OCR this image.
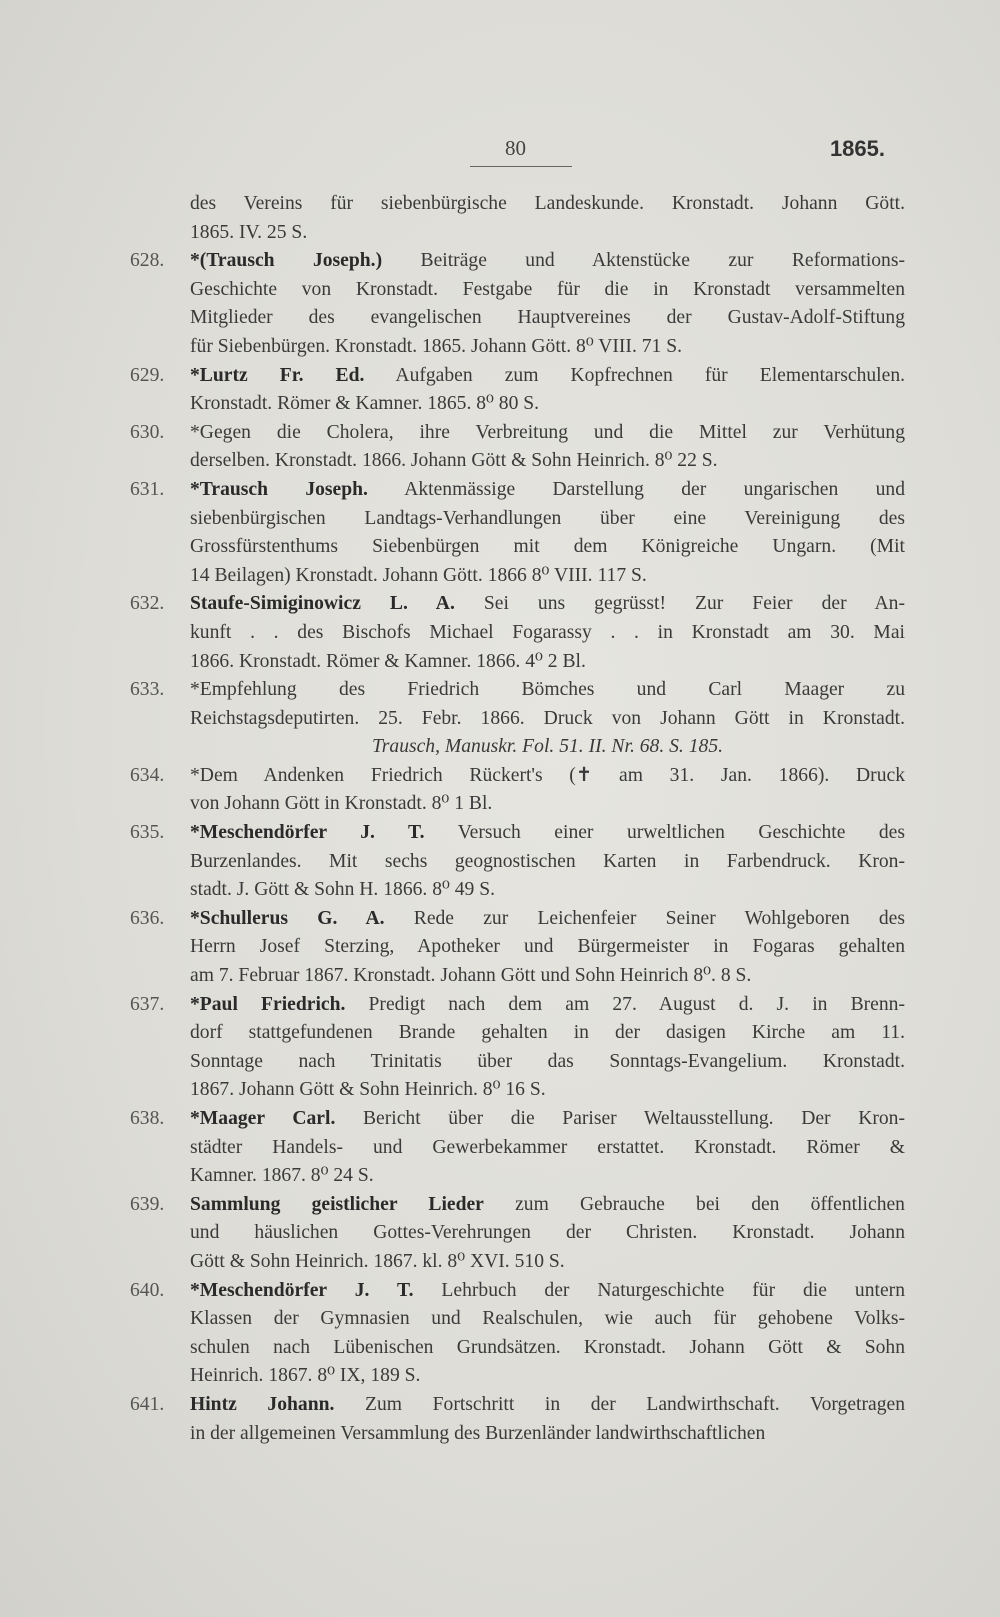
80	1865.
des Vereins für siebenbürgische Landeskunde. Kronstadt. Johann Gött.
1865. IV. 25 S.
628.	*(Trausch Joseph.) Beiträge und Aktenstücke zur Reformations-
Geschichte von Kronstadt. Festgabe für die in Kronstadt versammelten
Mitglieder des evangelischen Hauptvereines der Gustav-Adolf-Stiftung
für Siebenbürgen. Kronstadt. 1865. Johann Gött. 8⁰ VIII. 71 S.
629.	*Lurtz Fr. Ed. Aufgaben zum Kopfrechnen für Elementarschulen.
Kronstadt. Römer & Kamner. 1865. 8⁰ 80 S.
630.	*Gegen die Cholera, ihre Verbreitung und die Mittel zur Verhütung
derselben. Kronstadt. 1866. Johann Gött & Sohn Heinrich. 8⁰ 22 S.
631.	*Trausch Joseph. Aktenmässige Darstellung der ungarischen und
siebenbürgischen Landtags-Verhandlungen über eine Vereinigung des
Grossfürstenthums Siebenbürgen mit dem Königreiche Ungarn. (Mit
14 Beilagen) Kronstadt. Johann Gött. 1866 8⁰ VIII. 117 S.
632.	Staufe-Simiginowicz L. A. Sei uns gegrüsst! Zur Feier der An-
kunft . . des Bischofs Michael Fogarassy . . in Kronstadt am 30. Mai
1866. Kronstadt. Römer & Kamner. 1866. 4⁰ 2 Bl.
633.	*Empfehlung des Friedrich Bömches und Carl Maager zu
Reichstagsdeputirten. 25. Febr. 1866. Druck von Johann Gött in Kronstadt.
Trausch, Manuskr. Fol. 51. II. Nr. 68. S. 185.
634.	*Dem Andenken Friedrich Rückert's (✝ am 31. Jan. 1866). Druck
von Johann Gött in Kronstadt. 8⁰ 1 Bl.
635.	*Meschendörfer J. T. Versuch einer urweltlichen Geschichte des
Burzenlandes. Mit sechs geognostischen Karten in Farbendruck. Kron-
stadt. J. Gött & Sohn H. 1866. 8⁰ 49 S.
636.	*Schullerus G. A. Rede zur Leichenfeier Seiner Wohlgeboren des
Herrn Josef Sterzing, Apotheker und Bürgermeister in Fogaras gehalten
am 7. Februar 1867. Kronstadt. Johann Gött und Sohn Heinrich 8⁰. 8 S.
637.	*Paul Friedrich. Predigt nach dem am 27. August d. J. in Brenn-
dorf stattgefundenen Brande gehalten in der dasigen Kirche am 11.
Sonntage nach Trinitatis über das Sonntags-Evangelium. Kronstadt.
1867. Johann Gött & Sohn Heinrich. 8⁰ 16 S.
638.	*Maager Carl. Bericht über die Pariser Weltausstellung. Der Kron-
städter Handels- und Gewerbekammer erstattet. Kronstadt. Römer &
Kamner. 1867. 8⁰ 24 S.
639.	Sammlung geistlicher Lieder zum Gebrauche bei den öffentlichen
und häuslichen Gottes-Verehrungen der Christen. Kronstadt. Johann
Gött & Sohn Heinrich. 1867. kl. 8⁰ XVI. 510 S.
640.	*Meschendörfer J. T. Lehrbuch der Naturgeschichte für die untern
Klassen der Gymnasien und Realschulen, wie auch für gehobene Volks-
schulen nach Lübenischen Grundsätzen. Kronstadt. Johann Gött & Sohn
Heinrich. 1867. 8⁰ IX, 189 S.
641.	Hintz Johann. Zum Fortschritt in der Landwirthschaft. Vorgetragen
in der allgemeinen Versammlung des Burzenländer landwirthschaftlichen
